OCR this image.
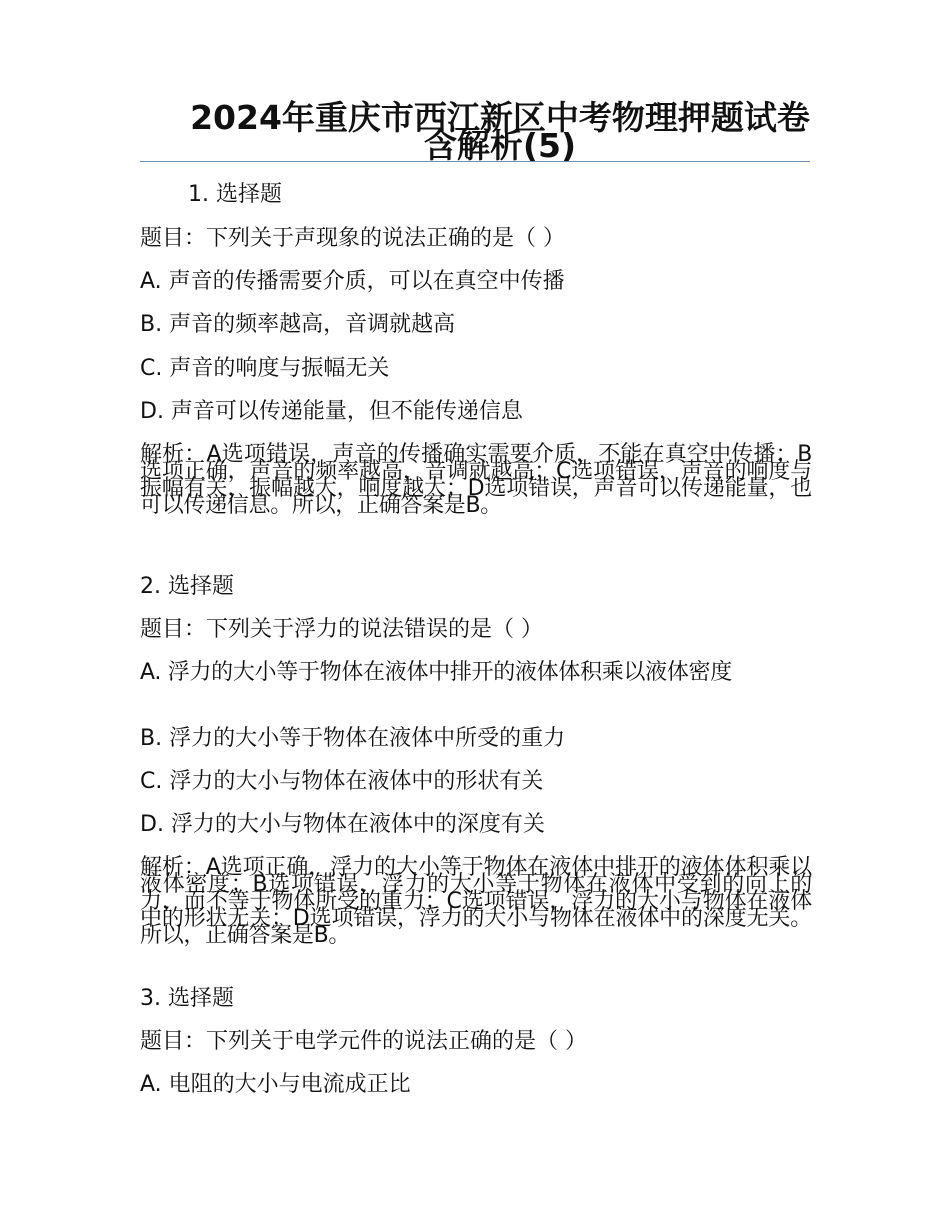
2024年重庆市西江新区中考物理押题试卷含解析(5)
1. 选择题
题目：下列关于声现象的说法正确的是（ ）
A. 声音的传播需要介质，可以在真空中传播
B. 声音的频率越高，音调就越高
C. 声音的响度与振幅无关
D. 声音可以传递能量，但不能传递信息
解析：A选项错误，声音的传播确实需要介质，不能在真空中传播；B选项正确，声音的频率越高，音调就越高；C选项错误，声音的响度与振幅有关，振幅越大，响度越大；D选项错误，声音可以传递能量，也可以传递信息。所以，正确答案是B。
2. 选择题
题目：下列关于浮力的说法错误的是（ ）
A. 浮力的大小等于物体在液体中排开的液体体积乘以液体密度
B. 浮力的大小等于物体在液体中所受的重力
C. 浮力的大小与物体在液体中的形状有关
D. 浮力的大小与物体在液体中的深度有关
解析：A选项正确，浮力的大小等于物体在液体中排开的液体体积乘以液体密度；B选项错误，浮力的大小等于物体在液体中受到的向上的力，而不等于物体所受的重力；C选项错误，浮力的大小与物体在液体中的形状无关；D选项错误，浮力的大小与物体在液体中的深度无关。所以，正确答案是B。
3. 选择题
题目：下列关于电学元件的说法正确的是（ ）
A. 电阻的大小与电流成正比
